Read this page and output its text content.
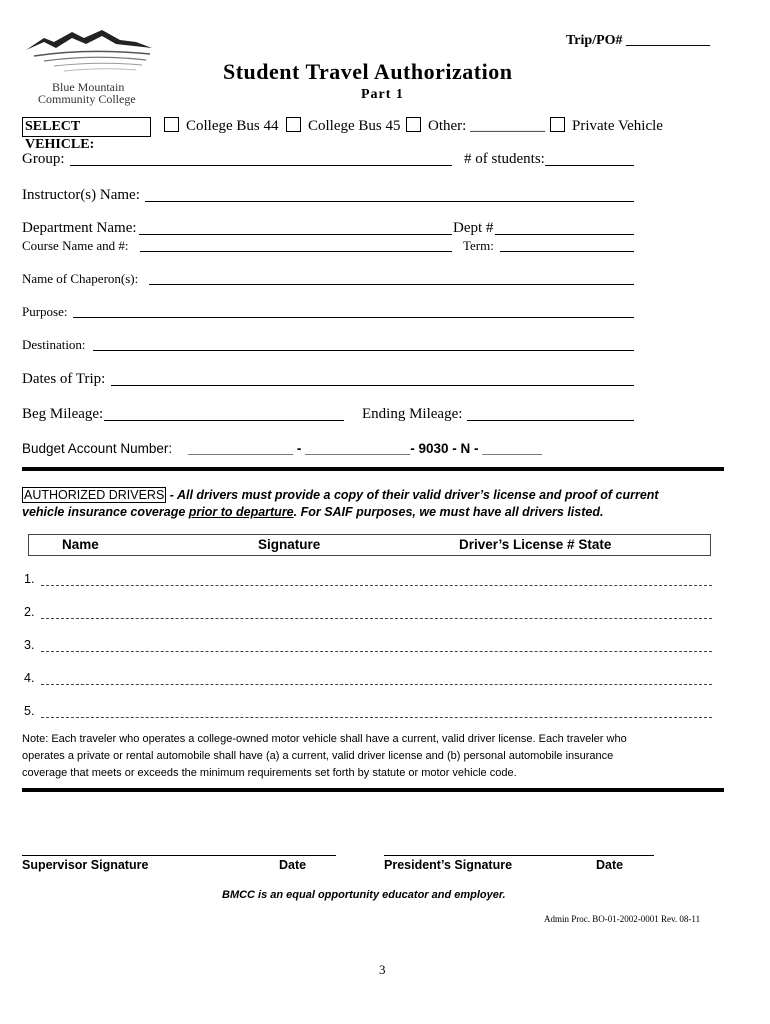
Trip/PO# ____________
Blue Mountain
Community College
Student Travel Authorization
Part 1
SELECT VEHICLE:
College Bus 44 College Bus 45 Other: __________ Private Vehicle
Group:	# of students:
Instructor(s) Name:
Department Name:	Dept #
Course Name and #:	Term:
Name of Chaperon(s):
Purpose:
Destination:
Dates of Trip:
Beg Mileage:	Ending Mileage:
Budget Account Number: ______________ - ______________- 9030 - N - ________
AUTHORIZED DRIVERS - All drivers must provide a copy of their valid driver’s license and proof of current
vehicle insurance coverage prior to departure. For SAIF purposes, we must have all drivers listed.
Name	Signature	Driver’s License # State
1.
2.
3.
4.
5.
Note: Each traveler who operates a college-owned motor vehicle shall have a current, valid driver license. Each traveler who
operates a private or rental automobile shall have (a) a current, valid driver license and (b) personal automobile insurance
coverage that meets or exceeds the minimum requirements set forth by statute or motor vehicle code.
Supervisor Signature	Date	President’s Signature	Date
BMCC is an equal opportunity educator and employer.
Admin Proc. BO-01-2002-0001 Rev. 08-11
3
